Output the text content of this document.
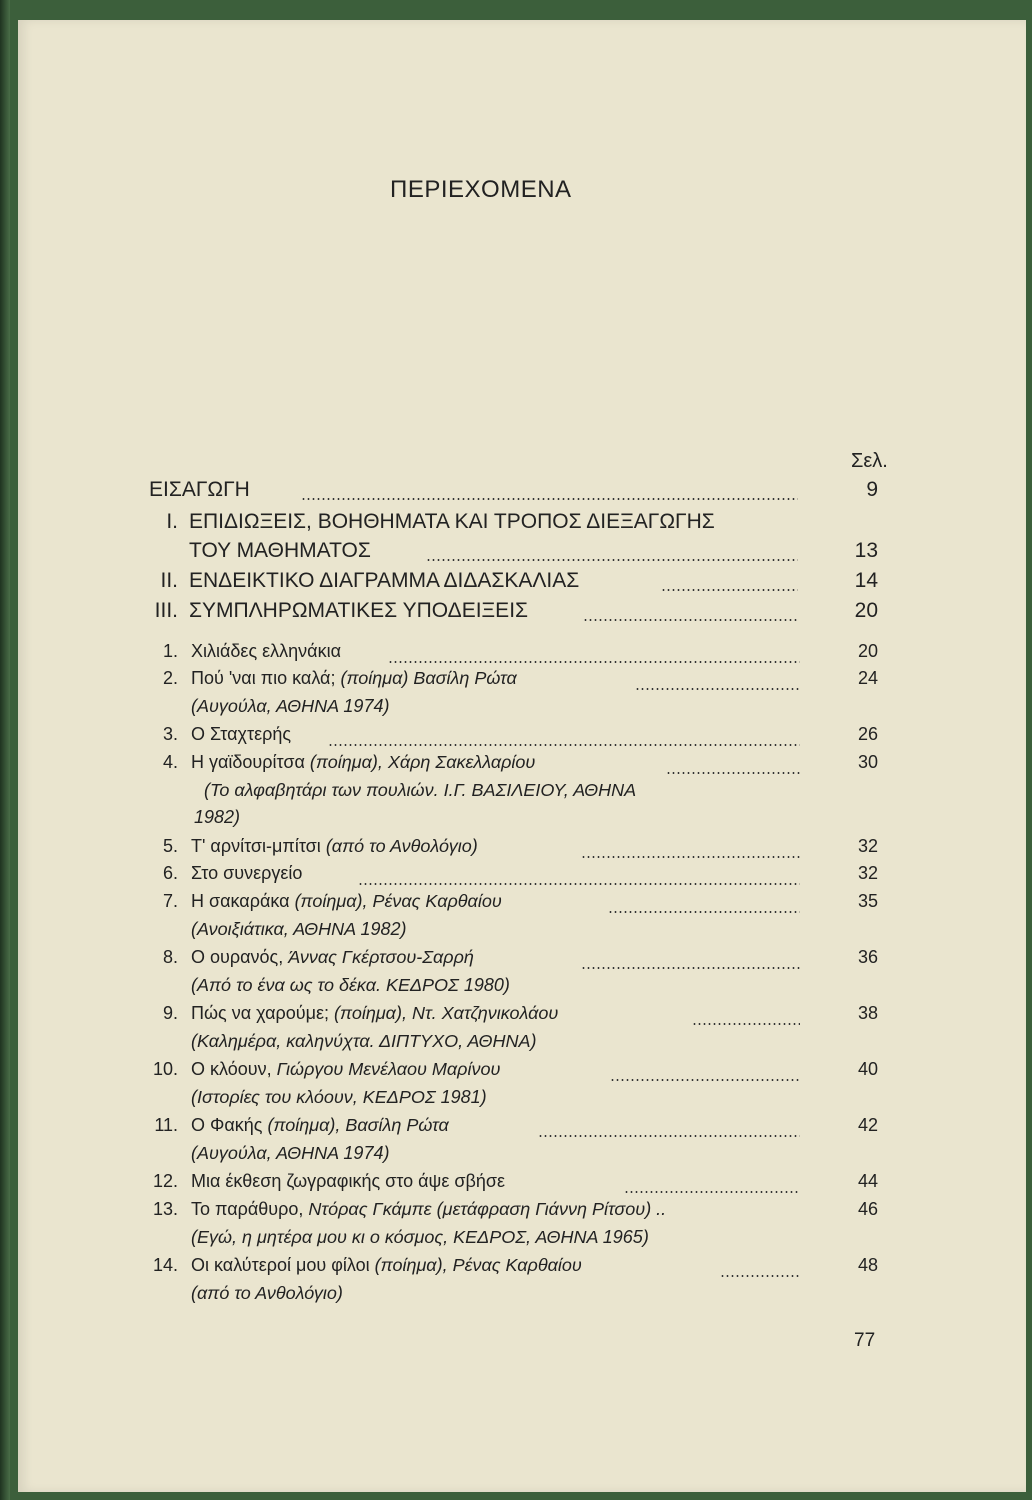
ΠΕΡΙΕΧΟΜΕΝΑ
Σελ.
ΕΙΣΑΓΩΓΗ	9
I. ΕΠΙΔΙΩΞΕΙΣ, ΒΟΗΘΗΜΑΤΑ ΚΑΙ ΤΡΟΠΟΣ ΔΙΕΞΑΓΩΓΗΣ
ΤΟΥ ΜΑΘΗΜΑΤΟΣ	13
II. ΕΝΔΕΙΚΤΙΚΟ ΔΙΑΓΡΑΜΜΑ ΔΙΔΑΣΚΑΛΙΑΣ	14
III. ΣΥΜΠΛΗΡΩΜΑΤΙΚΕΣ ΥΠΟΔΕΙΞΕΙΣ	20
1. Χιλιάδες ελληνάκια	20
2. Πού 'ναι πιο καλά; (ποίημα) Βασίλη Ρώτα	24
(Αυγούλα, ΑΘΗΝΑ 1974)
3. Ο Σταχτερής	26
4. Η γαϊδουρίτσα (ποίημα), Χάρη Σακελλαρίου	30
(Το αλφαβητάρι των πουλιών. Ι.Γ. ΒΑΣΙΛΕΙΟΥ, ΑΘΗΝΑ
1982)
5. Τ' αρνίτσι-μπίτσι (από το Ανθολόγιο)	32
6. Στο συνεργείο	32
7. Η σακαράκα (ποίημα), Ρένας Καρθαίου	35
(Ανοιξιάτικα, ΑΘΗΝΑ 1982)
8. Ο ουρανός, Άννας Γκέρτσου-Σαρρή	36
(Από το ένα ως το δέκα. ΚΕΔΡΟΣ 1980)
9. Πώς να χαρούμε; (ποίημα), Ντ. Χατζηνικολάου	38
(Καλημέρα, καληνύχτα. ΔΙΠΤΥΧΟ, ΑΘΗΝΑ)
10. Ο κλόουν, Γιώργου Μενέλαου Μαρίνου	40
(Ιστορίες του κλόουν, ΚΕΔΡΟΣ 1981)
11. Ο Φακής (ποίημα), Βασίλη Ρώτα	42
(Αυγούλα, ΑΘΗΝΑ 1974)
12. Μια έκθεση ζωγραφικής στο άψε σβήσε	44
13. Το παράθυρο, Ντόρας Γκάμπε (μετάφραση Γιάννη Ρίτσου) ..	46
(Εγώ, η μητέρα μου κι ο κόσμος, ΚΕΔΡΟΣ, ΑΘΗΝΑ 1965)
14. Οι καλύτεροί μου φίλοι (ποίημα), Ρένας Καρθαίου	48
(από το Ανθολόγιο)
77
